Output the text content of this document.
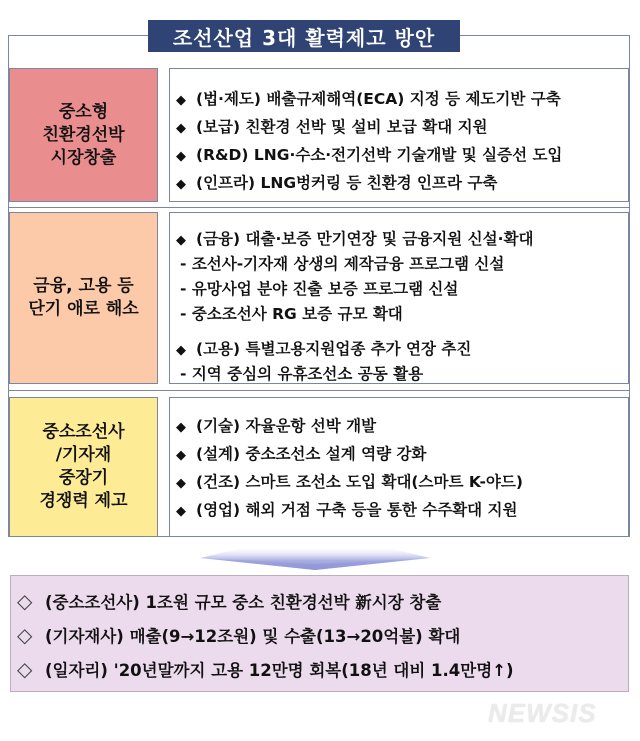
조선산업 3대 활력제고 방안
중소형
친환경선박
시장창출
◆ (법·제도) 배출규제해역(ECA) 지정 등 제도기반 구축
◆ (보급) 친환경 선박 및 설비 보급 확대 지원
◆ (R&D) LNG·수소·전기선박 기술개발 및 실증선 도입
◆ (인프라) LNG벙커링 등 친환경 인프라 구축
금융, 고용 등
단기 애로 해소
◆ (금융) 대출·보증 만기연장 및 금융지원 신설·확대
- 조선사-기자재 상생의 제작금융 프로그램 신설
- 유망사업 분야 진출 보증 프로그램 신설
- 중소조선사 RG 보증 규모 확대
◆ (고용) 특별고용지원업종 추가 연장 추진
- 지역 중심의 유휴조선소 공동 활용
중소조선사
/기자재
중장기
경쟁력 제고
◆ (기술) 자율운항 선박 개발
◆ (설계) 중소조선소 설계 역량 강화
◆ (건조) 스마트 조선소 도입 확대(스마트 K-야드)
◆ (영업) 해외 거점 구축 등을 통한 수주확대 지원
◇ (중소조선사) 1조원 규모 중소 친환경선박 新시장 창출
◇ (기자재사) 매출(9→12조원) 및 수출(13→20억불) 확대
◇ (일자리) '20년말까지 고용 12만명 회복(18년 대비 1.4만명↑)
NEWSIS
